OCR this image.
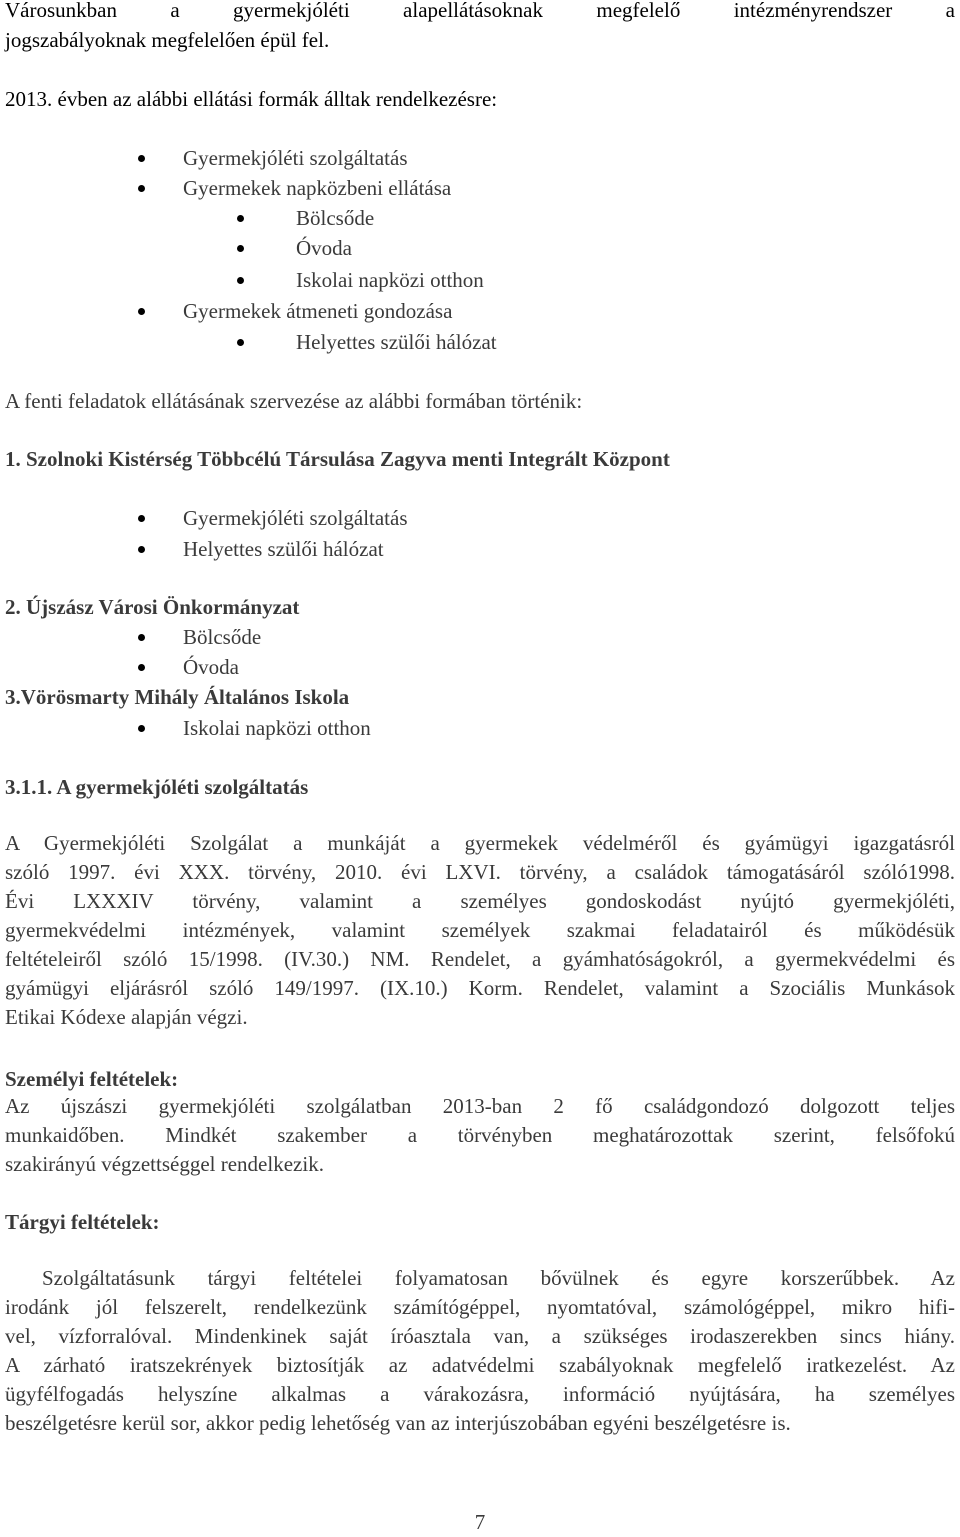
Városunkban a gyermekjóléti alapellátásoknak megfelelő intézményrendszer a
jogszabályoknak megfelelően épül fel.
2013. évben az alábbi ellátási formák álltak rendelkezésre:
Gyermekjóléti szolgáltatás
Gyermekek napközbeni ellátása
Bölcsőde
Óvoda
Iskolai napközi otthon
Gyermekek átmeneti gondozása
Helyettes szülői hálózat
A fenti feladatok ellátásának szervezése az alábbi formában történik:
1. Szolnoki Kistérség Többcélú Társulása Zagyva menti Integrált Központ
Gyermekjóléti szolgáltatás
Helyettes szülői hálózat
2. Újszász Városi Önkormányzat
Bölcsőde
Óvoda
3.Vörösmarty Mihály Általános Iskola
Iskolai napközi otthon
3.1.1. A gyermekjóléti szolgáltatás

A Gyermekjóléti Szolgálat a munkáját a gyermekek védelméről és gyámügyi igazgatásról

szóló 1997. évi XXX. törvény, 2010. évi LXVI. törvény, a családok támogatásáról szóló1998.

Évi LXXXIV törvény, valamint a személyes gondoskodást nyújtó gyermekjóléti,

gyermekvédelmi intézmények, valamint személyek szakmai feladatairól és működésük

feltételeiről szóló 15/1998. (IV.30.) NM. Rendelet, a gyámhatóságokról, a gyermekvédelmi és

gyámügyi eljárásról szóló 149/1997. (IX.10.) Korm. Rendelet, valamint a Szociális Munkások

Etikai Kódexe alapján végzi.

Személyi feltételek:

Az újszászi gyermekjóléti szolgálatban 2013-ban 2 fő családgondozó dolgozott teljes

munkaidőben. Mindkét szakember a törvényben meghatározottak szerint, felsőfokú

szakirányú végzettséggel rendelkezik.

Tárgyi feltételek:

Szolgáltatásunk tárgyi feltételei folyamatosan bővülnek és egyre korszerűbbek. Az

irodánk jól felszerelt, rendelkezünk számítógéppel, nyomtatóval, számológéppel, mikro hifi-

vel, vízforralóval. Mindenkinek saját íróasztala van, a szükséges irodaszerekben sincs hiány.

A zárható iratszekrények biztosítják az adatvédelmi szabályoknak megfelelő iratkezelést. Az

ügyfélfogadás helyszíne alkalmas a várakozásra, információ nyújtására, ha személyes

beszélgetésre kerül sor, akkor pedig lehetőség van az interjúszobában egyéni beszélgetésre is.

7
